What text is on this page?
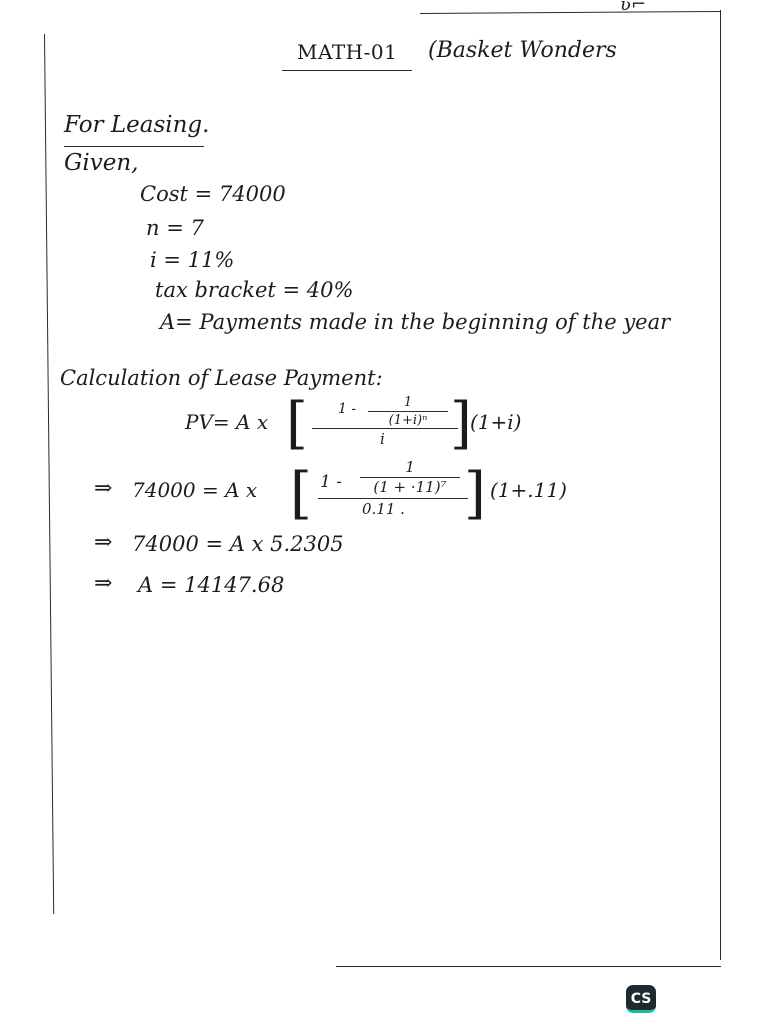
ʋ⌐
MATH-01 (Basket Wonders
For Leasing.
Given,
Cost = 74000
n = 7
i = 11%
tax bracket = 40%
A= Payments made in the beginning of the year
Calculation of Lease Payment:
PV= A x [ 1 -	1
(1+i)ⁿ
i ]
(1+i)
⇒ 74000 = A x [ 1 -
1
(1 + ·11)⁷
0.11 . ] (1+.11)
⇒ 74000 = A x 5.2305
⇒ A = 14147.68
CS
